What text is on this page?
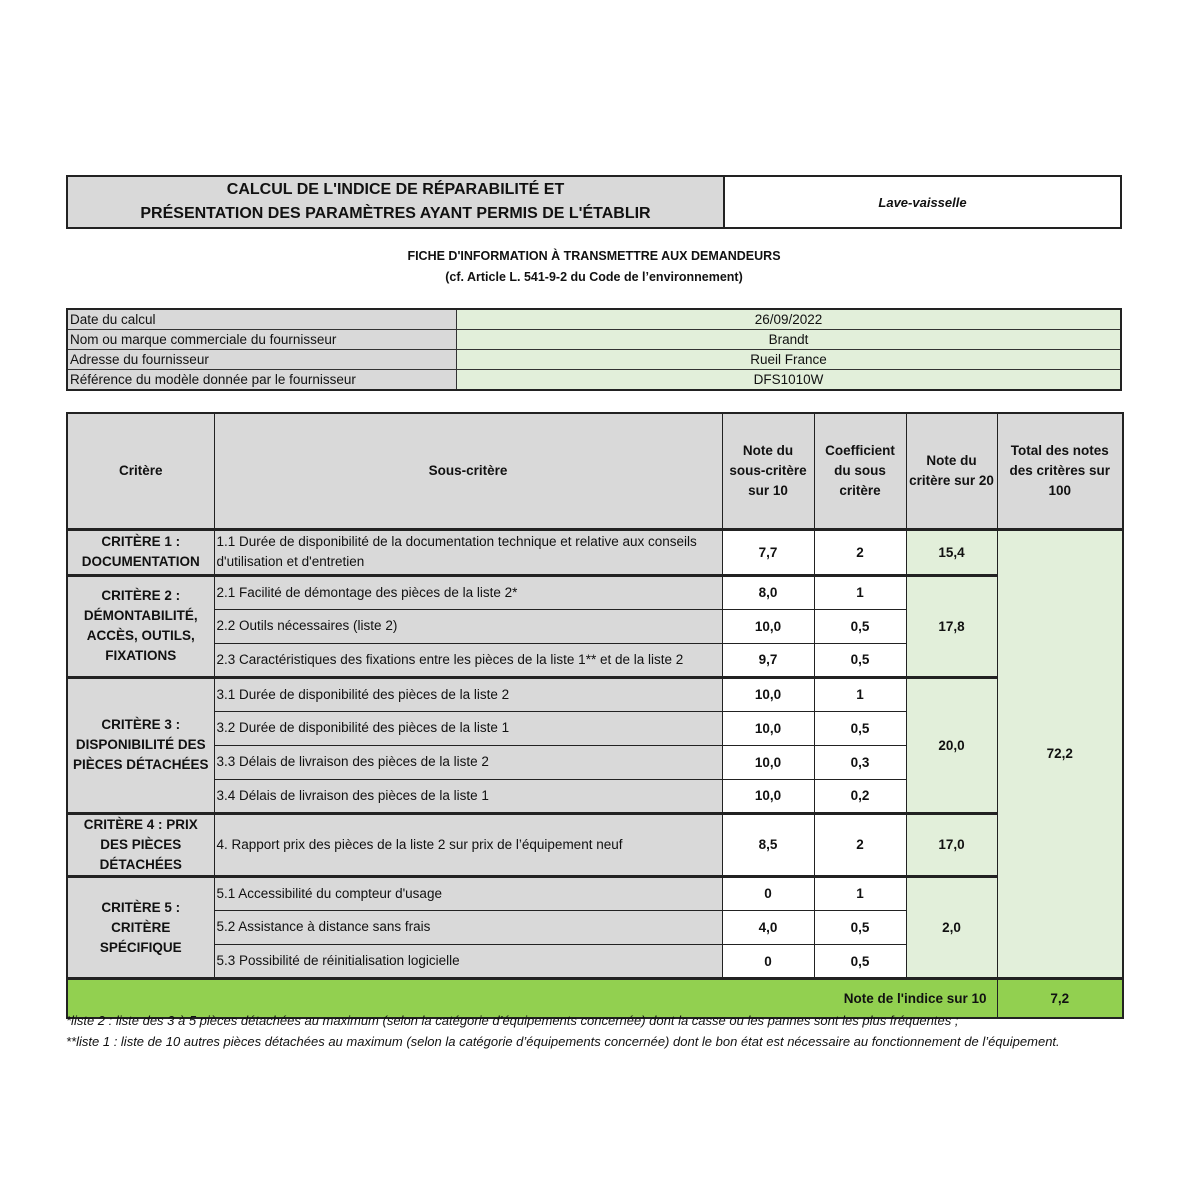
CALCUL DE L'INDICE DE RÉPARABILITÉ ET
PRÉSENTATION DES PARAMÈTRES AYANT PERMIS DE L'ÉTABLIR
Lave-vaisselle
FICHE D'INFORMATION À TRANSMETTRE AUX DEMANDEURS
(cf. Article L. 541-9-2 du Code de l’environnement)
Date du calcul	26/09/2022
Nom ou marque commerciale du fournisseur	Brandt
Adresse du fournisseur	Rueil France
Référence du modèle donnée par le fournisseur	DFS1010W
Critère	Sous-critère	Note du sous-critère sur 10	Coefficient du sous critère	Note du critère sur 20	Total des notes des critères sur 100
CRITÈRE 1 : DOCUMENTATION	1.1 Durée de disponibilité de la documentation technique et relative aux conseils d'utilisation et d'entretien	7,7	2	15,4	72,2
CRITÈRE 2 : DÉMONTABILITÉ, ACCÈS, OUTILS, FIXATIONS	2.1 Facilité de démontage des pièces de la liste 2*	8,0	1	17,8	
	2.2 Outils nécessaires (liste 2)	10,0	0,5		
	2.3 Caractéristiques des fixations entre les pièces de la liste 1** et de la liste 2	9,7	0,5		
CRITÈRE 3 : DISPONIBILITÉ DES PIÈCES DÉTACHÉES	3.1 Durée de disponibilité des pièces de la liste 2	10,0	1	20,0	
	3.2 Durée de disponibilité des pièces de la liste 1	10,0	0,5		
	3.3 Délais de livraison des pièces de la liste 2	10,0	0,3		
	3.4 Délais de livraison des pièces de la liste 1	10,0	0,2		
CRITÈRE 4 : PRIX DES PIÈCES DÉTACHÉES	4. Rapport prix des pièces de la liste 2 sur prix de l’équipement neuf	8,5	2	17,0	
CRITÈRE 5 : CRITÈRE SPÉCIFIQUE	5.1 Accessibilité du compteur d'usage	0	1	2,0	
	5.2 Assistance à distance sans frais	4,0	0,5		
	5.3 Possibilité de réinitialisation logicielle	0	0,5		

Note de l'indice sur 10					7,2
*liste 2 : liste des 3 à 5 pièces détachées au maximum (selon la catégorie d’équipements concernée) dont la casse ou les pannes sont les plus fréquentes ;
**liste 1 : liste de 10 autres pièces détachées au maximum (selon la catégorie d’équipements concernée) dont le bon état est nécessaire au fonctionnement de l’équipement.
